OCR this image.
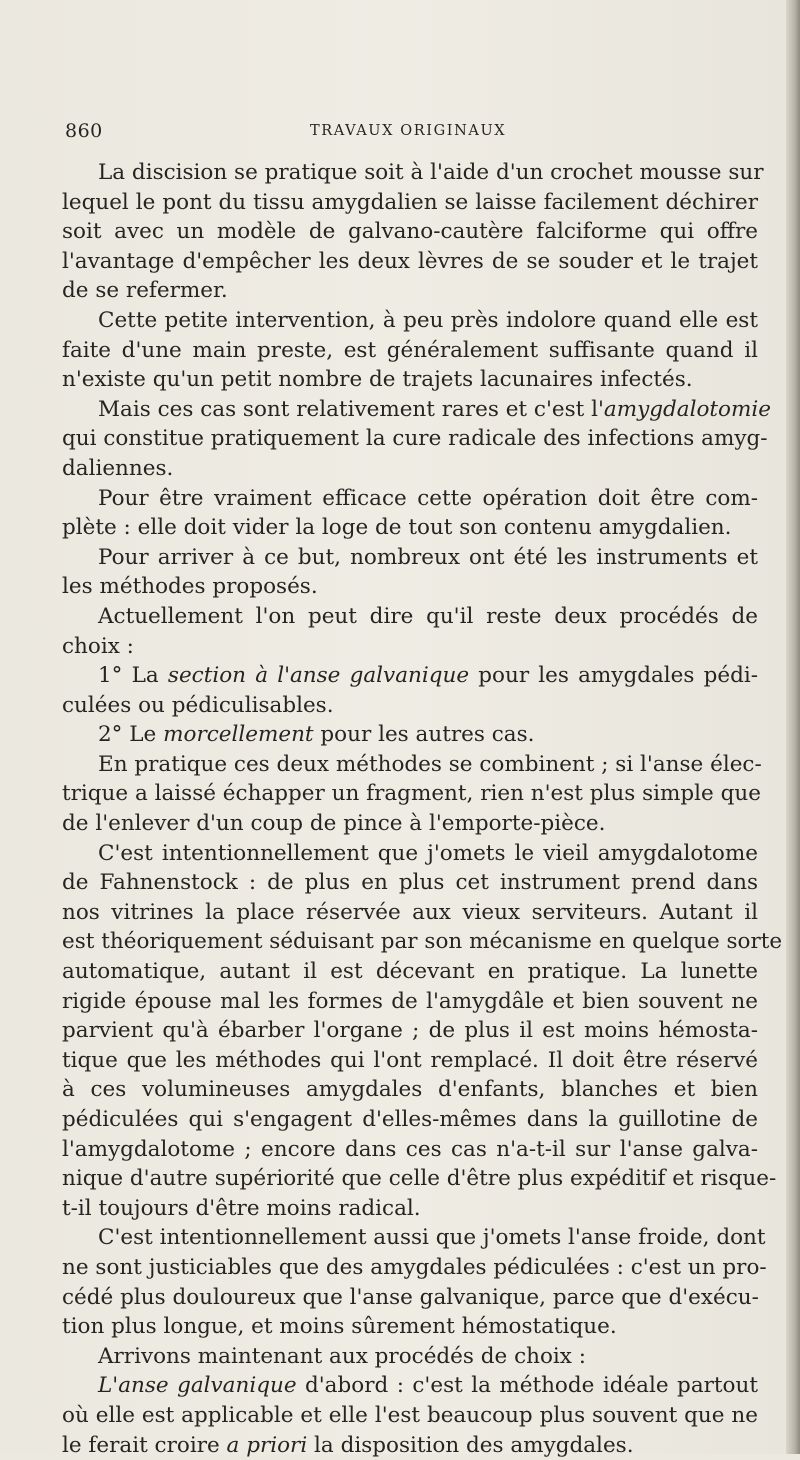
860	TRAVAUX ORIGINAUX
La discision se pratique soit à l'aide d'un crochet mousse sur
lequel le pont du tissu amygdalien se laisse facilement déchirer
soit avec un modèle de galvano-cautère falciforme qui offre
l'avantage d'empêcher les deux lèvres de se souder et le trajet
de se refermer.
Cette petite intervention, à peu près indolore quand elle est
faite d'une main preste, est généralement suffisante quand il
n'existe qu'un petit nombre de trajets lacunaires infectés.
Mais ces cas sont relativement rares et c'est l'amygdalotomie
qui constitue pratiquement la cure radicale des infections amyg-
daliennes.
Pour être vraiment efficace cette opération doit être com-
plète : elle doit vider la loge de tout son contenu amygdalien.
Pour arriver à ce but, nombreux ont été les instruments et
les méthodes proposés.
Actuellement l'on peut dire qu'il reste deux procédés de
choix :
1° La section à l'anse galvanique pour les amygdales pédi-
culées ou pédiculisables.
2° Le morcellement pour les autres cas.
En pratique ces deux méthodes se combinent ; si l'anse élec-
trique a laissé échapper un fragment, rien n'est plus simple que
de l'enlever d'un coup de pince à l'emporte-pièce.
C'est intentionnellement que j'omets le vieil amygdalotome
de Fahnenstock : de plus en plus cet instrument prend dans
nos vitrines la place réservée aux vieux serviteurs. Autant il
est théoriquement séduisant par son mécanisme en quelque sorte
automatique, autant il est décevant en pratique. La lunette
rigide épouse mal les formes de l'amygdâle et bien souvent ne
parvient qu'à ébarber l'organe ; de plus il est moins hémosta-
tique que les méthodes qui l'ont remplacé. Il doit être réservé
à ces volumineuses amygdales d'enfants, blanches et bien
pédiculées qui s'engagent d'elles-mêmes dans la guillotine de
l'amygdalotome ; encore dans ces cas n'a-t-il sur l'anse galva-
nique d'autre supériorité que celle d'être plus expéditif et risque-
t-il toujours d'être moins radical.
C'est intentionnellement aussi que j'omets l'anse froide, dont
ne sont justiciables que des amygdales pédiculées : c'est un pro-
cédé plus douloureux que l'anse galvanique, parce que d'exécu-
tion plus longue, et moins sûrement hémostatique.
Arrivons maintenant aux procédés de choix :
L'anse galvanique d'abord : c'est la méthode idéale partout
où elle est applicable et elle l'est beaucoup plus souvent que ne
le ferait croire a priori la disposition des amygdales.
